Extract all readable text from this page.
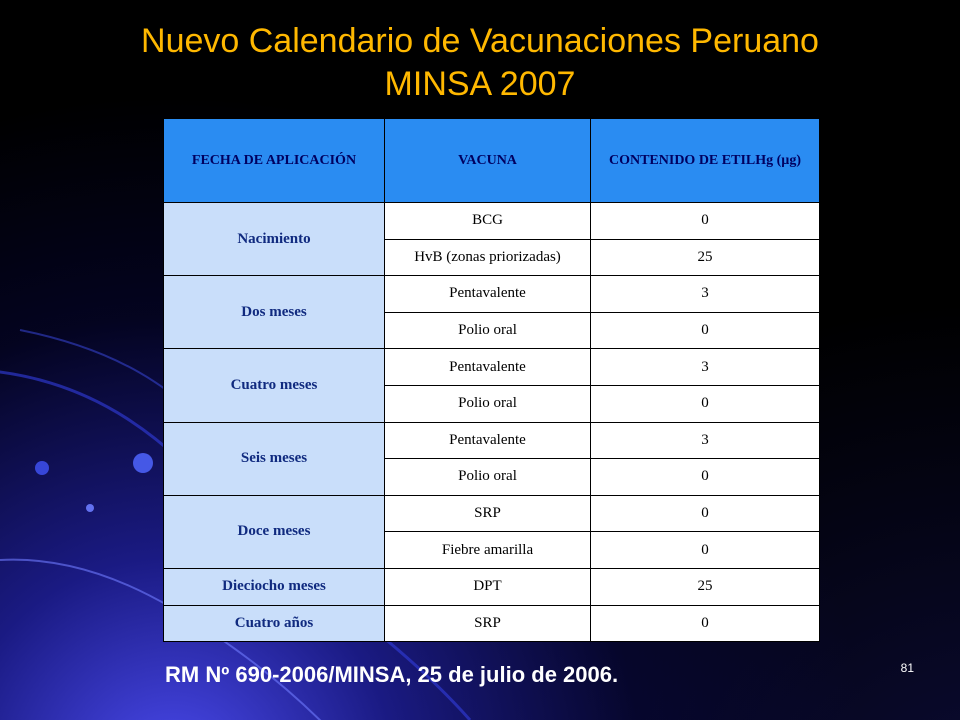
Nuevo Calendario de Vacunaciones Peruano
MINSA 2007
FECHA DE APLICACIÓN	VACUNA	CONTENIDO DE ETILHg (µg)
Nacimiento	BCG	0
	HvB (zonas priorizadas)	25
Dos meses	Pentavalente	3
	Polio oral	0
Cuatro meses	Pentavalente	3
	Polio oral	0
Seis meses	Pentavalente	3
	Polio oral	0
Doce meses	SRP	0
	Fiebre amarilla	0
Dieciocho meses	DPT	25
Cuatro años	SRP	0
RM Nº 690-2006/MINSA, 25 de julio de 2006.	81
